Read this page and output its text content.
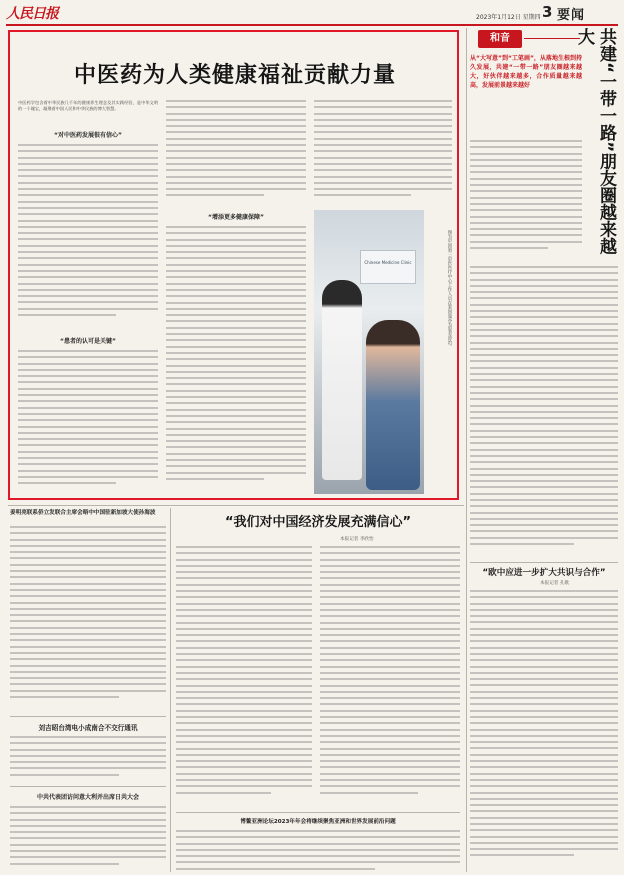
人民日报	2023年1月12日 星期四 3 要闻
中医药为人类健康福祉贡献力量
中医药学包含着中华民族几千年的健康养生理念及其实践经验，是中华文明的一个瑰宝，凝聚着中国人民和中华民族的博大智慧。
“对中医药发展很有信心”
“患者的认可是关键”
“增添更多健康保障”
Chinese Medicine Clinic	图为中国第三中医医疗中心工作人员在泰国曼谷为患者诊治。
和音
从“大写意”到“工笔画”，从落地生根到持久发展，共建“一带一路”朋友圈越来越大，好伙伴越来越多，合作质量越来越高，发展前景越来越好	共建“一带一路”朋友圈越来越大
姜明亮联系侨立发联合主席会晤中中国驻新加坡大使孙海波
刘吉昭台湾电小成南合不交行通讯
中共代表团访问意大利并出席日共大会
“我们对中国经济发展充满信心”
本报记者 李欣怡
博鳌亚洲论坛2023年年会将继续聚焦亚洲和世界发展前沿问题
“欧中应进一步扩大共识与合作”
本报记者 孔歌
